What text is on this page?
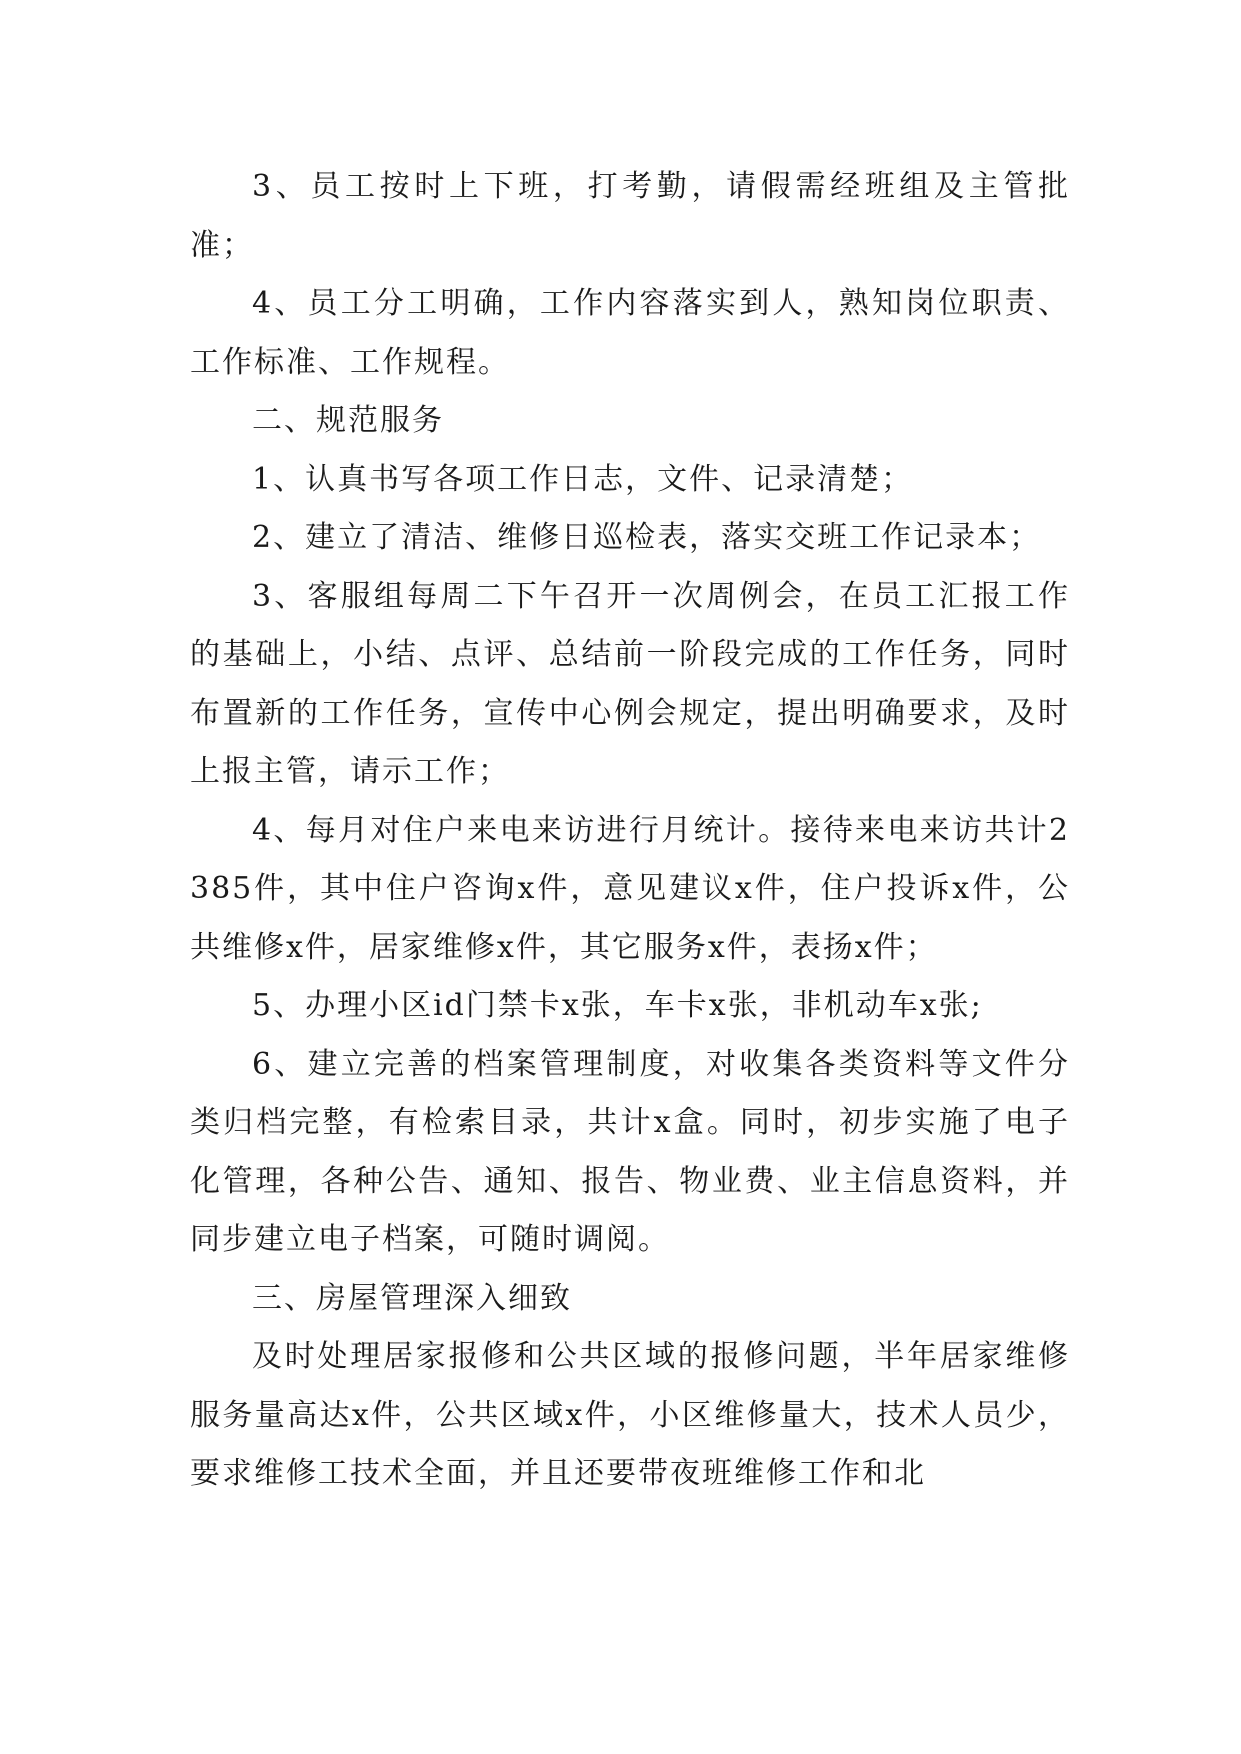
3、员工按时上下班，打考勤，请假需经班组及主管批准；

4、员工分工明确，工作内容落实到人，熟知岗位职责、工作标准、工作规程。

二、规范服务

1、认真书写各项工作日志，文件、记录清楚；

2、建立了清洁、维修日巡检表，落实交班工作记录本；

3、客服组每周二下午召开一次周例会，在员工汇报工作的基础上，小结、点评、总结前一阶段完成的工作任务，同时布置新的工作任务，宣传中心例会规定，提出明确要求，及时上报主管，请示工作；

4、每月对住户来电来访进行月统计。接待来电来访共计2385件，其中住户咨询x件，意见建议x件，住户投诉x件，公共维修x件，居家维修x件，其它服务x件，表扬x件；

5、办理小区id门禁卡x张，车卡x张，非机动车x张;

6、建立完善的档案管理制度，对收集各类资料等文件分类归档完整，有检索目录，共计x盒。同时，初步实施了电子化管理，各种公告、通知、报告、物业费、业主信息资料，并同步建立电子档案，可随时调阅。

三、房屋管理深入细致

及时处理居家报修和公共区域的报修问题，半年居家维修服务量高达x件，公共区域x件，小区维修量大，技术人员少，要求维修工技术全面，并且还要带夜班维修工作和北
